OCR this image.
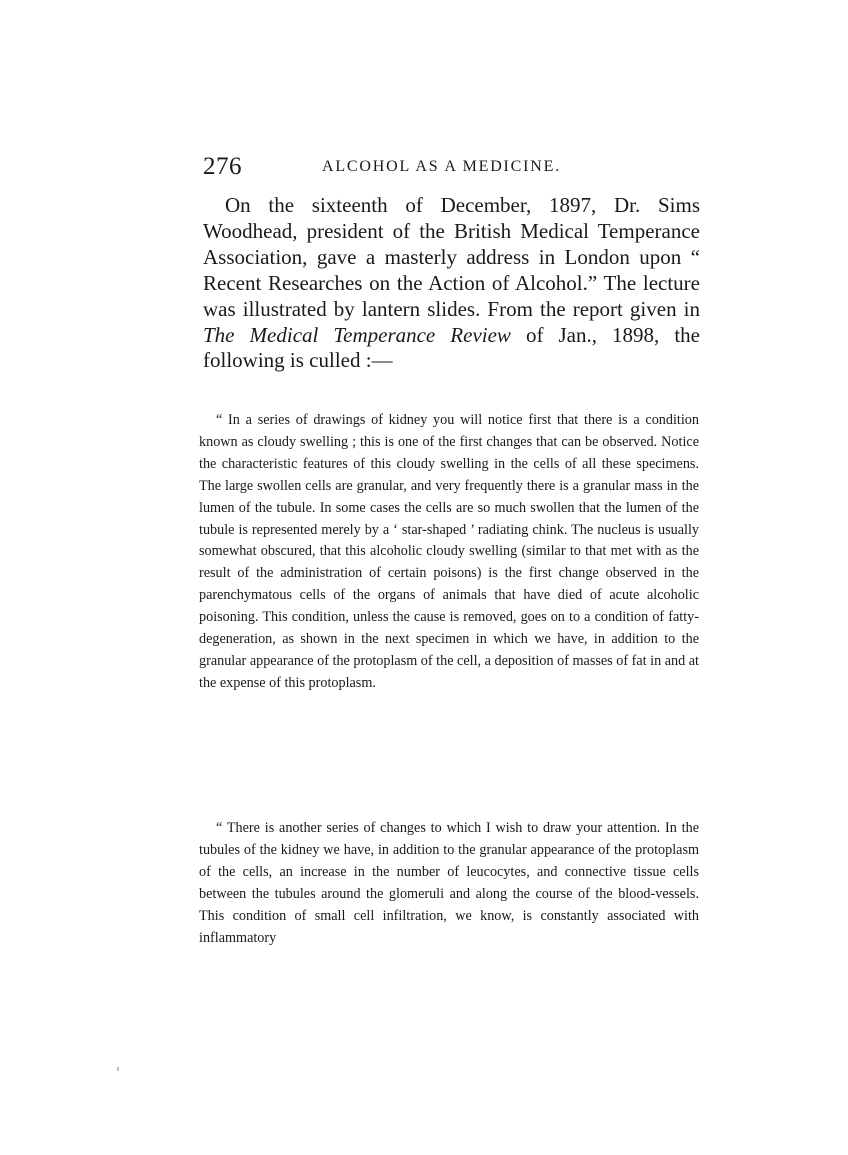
276	ALCOHOL AS A MEDICINE.

On the sixteenth of December, 1897, Dr. Sims Woodhead, president of the British Medical Temperance Association, gave a masterly address in London upon “ Recent Researches on the Action of Alcohol.” The lecture was illustrated by lantern slides. From the report given in The Medical Temperance Review of Jan., 1898, the following is culled :—

“ In a series of drawings of kidney you will notice first that there is a condition known as cloudy swelling ; this is one of the first changes that can be observed. Notice the characteristic features of this cloudy swelling in the cells of all these specimens. The large swollen cells are granular, and very frequently there is a granular mass in the lumen of the tubule. In some cases the cells are so much swollen that the lumen of the tubule is represented merely by a ‘ star-shaped ’ radiating chink. The nucleus is usually somewhat obscured, that this alcoholic cloudy swelling (similar to that met with as the result of the administration of certain poisons) is the first change observed in the parenchymatous cells of the organs of animals that have died of acute alcoholic poisoning. This condition, unless the cause is removed, goes on to a condition of fatty-degeneration, as shown in the next specimen in which we have, in addition to the granular appearance of the protoplasm of the cell, a deposition of masses of fat in and at the expense of this protoplasm.

“ There is another series of changes to which I wish to draw your attention. In the tubules of the kidney we have, in addition to the granular appearance of the protoplasm of the cells, an increase in the number of leucocytes, and connective tissue cells between the tubules around the glomeruli and along the course of the blood-vessels. This condition of small cell infiltration, we know, is constantly associated with inflammatory
